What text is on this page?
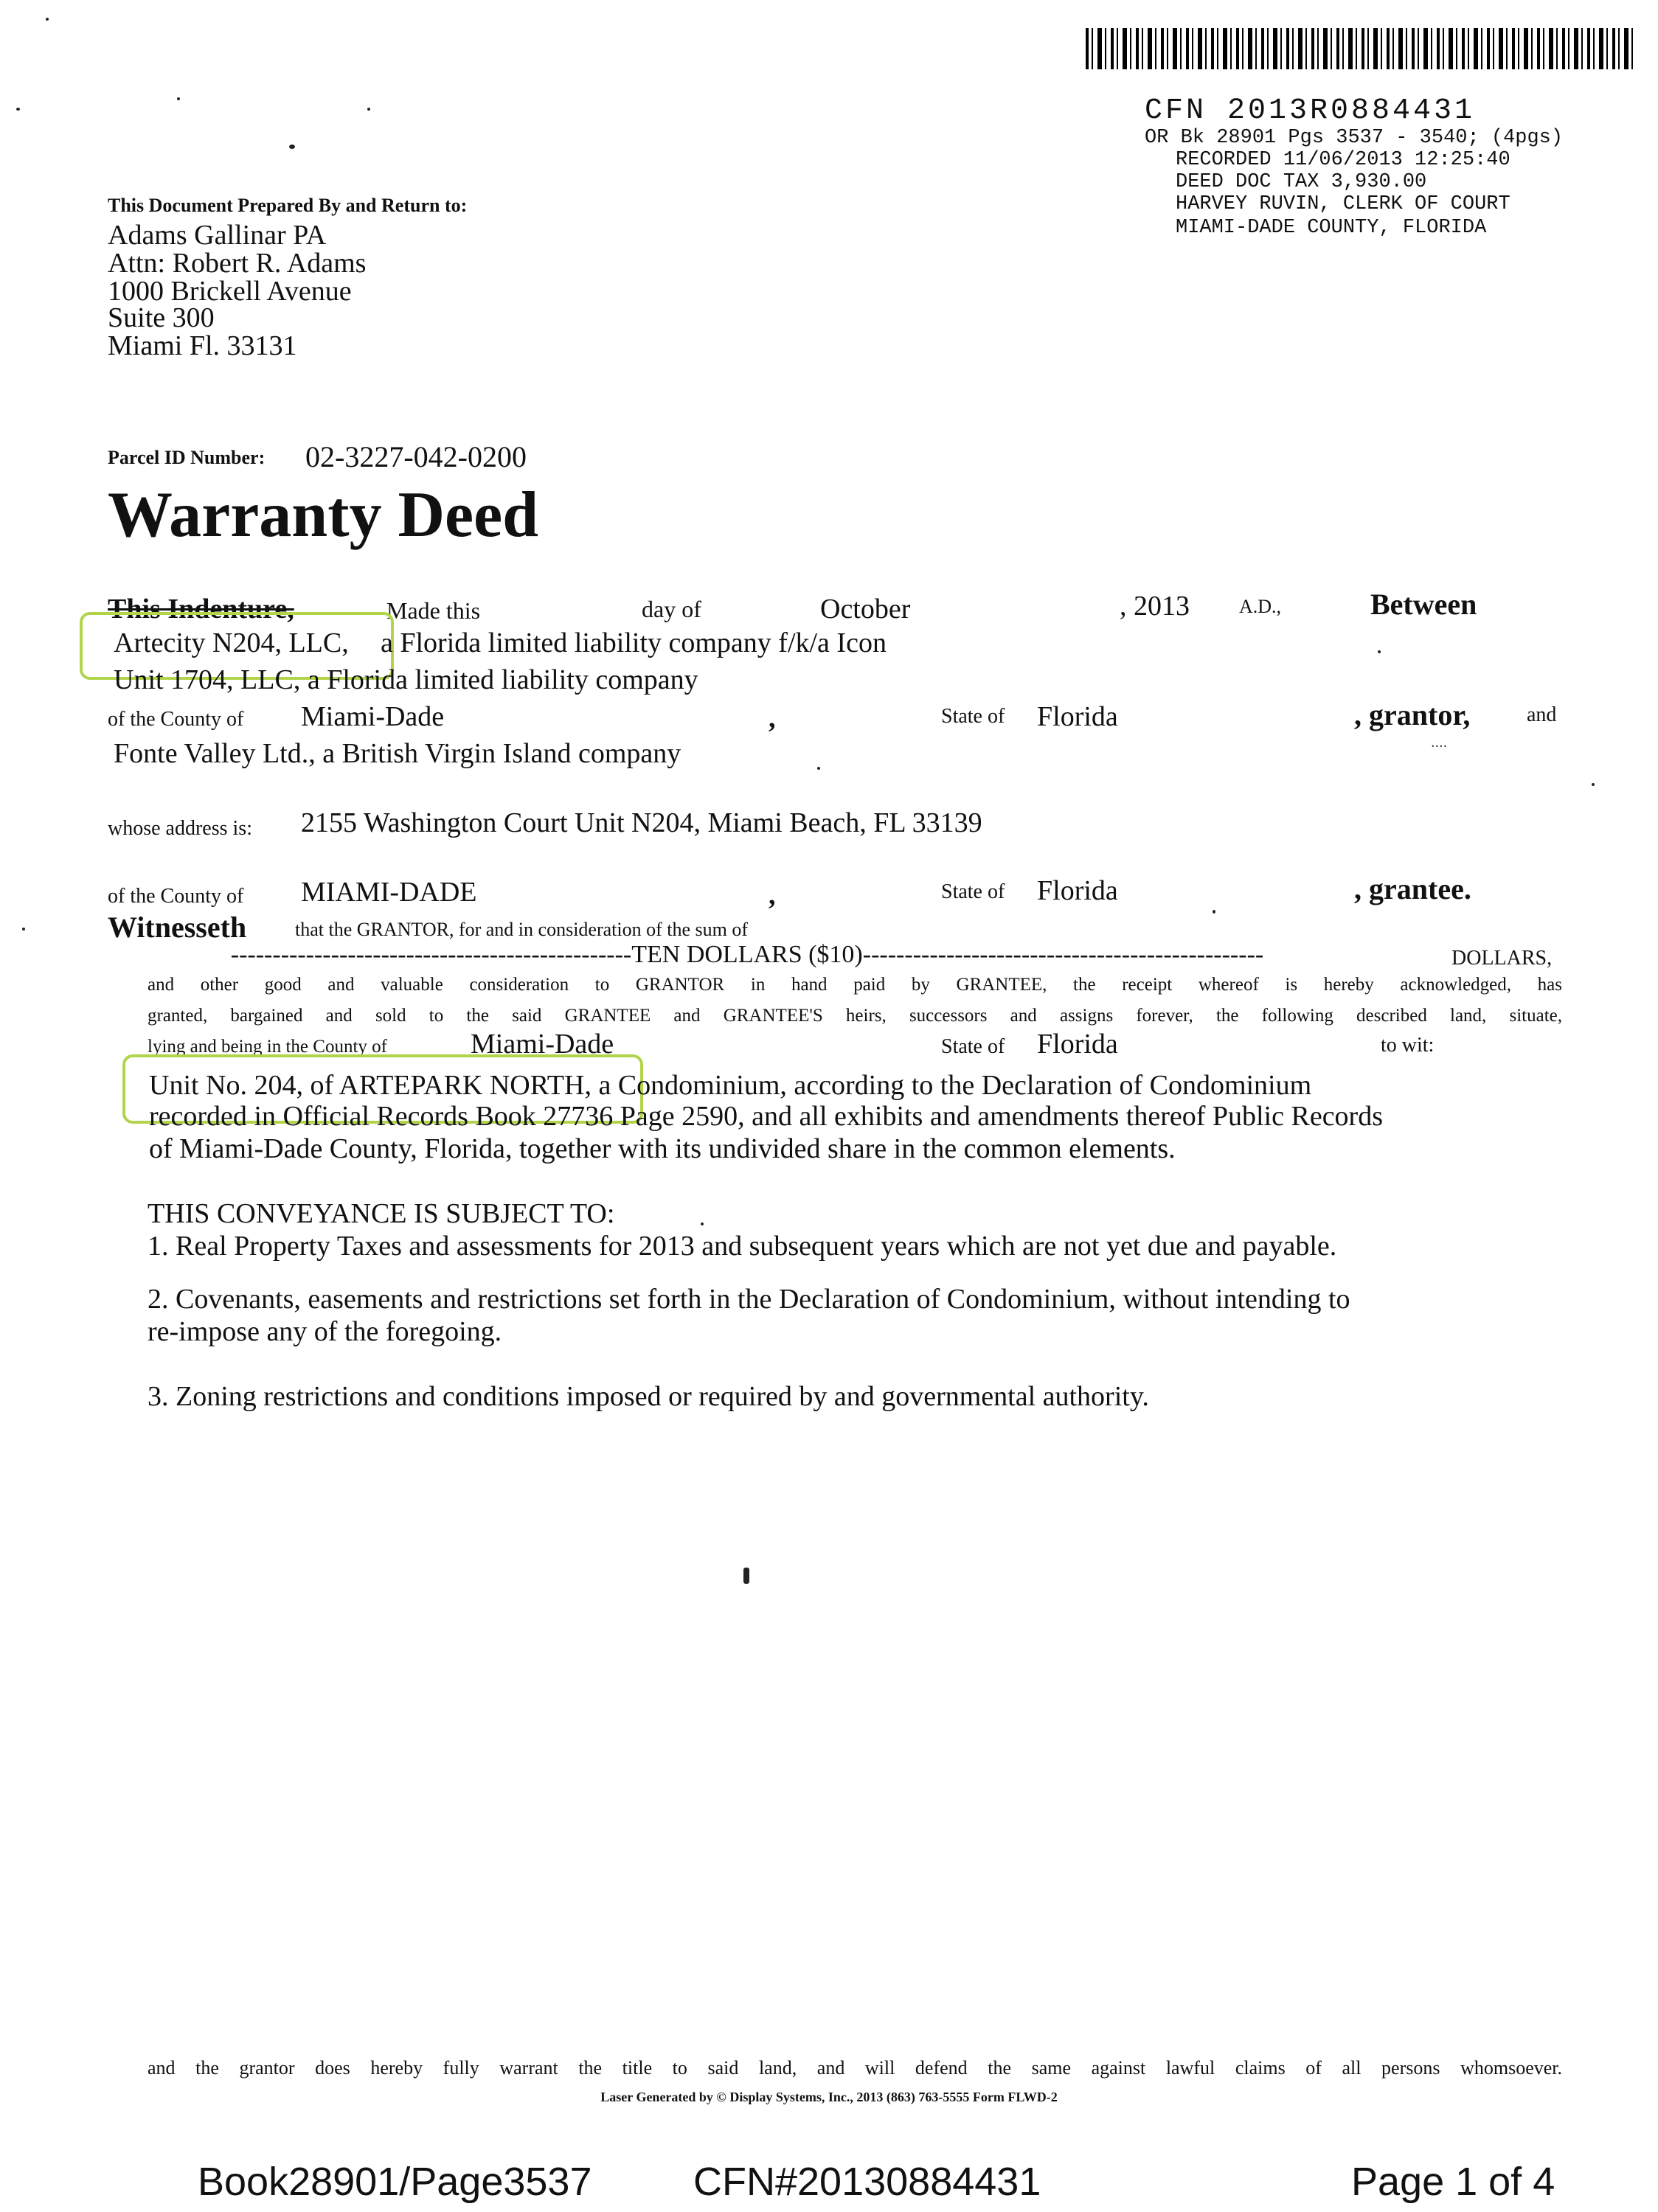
....
CFN 2013R0884431
OR Bk 28901 Pgs 3537 - 3540; (4pgs)
RECORDED 11/06/2013 12:25:40
DEED DOC TAX 3,930.00
HARVEY RUVIN, CLERK OF COURT
MIAMI-DADE COUNTY, FLORIDA
This Document Prepared By and Return to:
Adams Gallinar PA
Attn: Robert R. Adams
1000 Brickell Avenue
Suite 300
Miami Fl. 33131
Parcel ID Number: 02-3227-042-0200
Warranty Deed
This Indenture,	Made this	day of	October	, 2013	A.D.,	Between
Artecity N204, LLC, a Florida limited liability company f/k/a Icon
Unit 1704, LLC, a Florida limited liability company
of the County of Miami-Dade	,	State of Florida	, grantor,	and
Fonte Valley Ltd., a British Virgin Island company
whose address is: 2155 Washington Court Unit N204, Miami Beach, FL 33139
of the County of MIAMI-DADE	,	State of Florida	, grantee.
Witnesseth	that the GRANTOR, for and in consideration of the sum of
------------------------------------------------TEN DOLLARS ($10)------------------------------------------------	DOLLARS,
and other good and valuable consideration to GRANTOR in hand paid by GRANTEE, the receipt whereof is hereby acknowledged, has
granted, bargained and sold to the said GRANTEE and GRANTEE'S heirs, successors and assigns forever, the following described land, situate,
lying and being in the County of	Miami-Dade	State of Florida	to wit:
Unit No. 204, of ARTEPARK NORTH, a Condominium, according to the Declaration of Condominium
recorded in Official Records Book 27736 Page 2590, and all exhibits and amendments thereof Public Records
of Miami-Dade County, Florida, together with its undivided share in the common elements.
THIS CONVEYANCE IS SUBJECT TO:
1. Real Property Taxes and assessments for 2013 and subsequent years which are not yet due and payable.
2. Covenants, easements and restrictions set forth in the Declaration of Condominium, without intending to
re-impose any of the foregoing.
3. Zoning restrictions and conditions imposed or required by and governmental authority.
and the grantor does hereby fully warrant the title to said land, and will defend the same against lawful claims of all persons whomsoever.
Laser Generated by © Display Systems, Inc., 2013 (863) 763-5555 Form FLWD-2
Book28901/Page3537	CFN#20130884431	Page 1 of 4
